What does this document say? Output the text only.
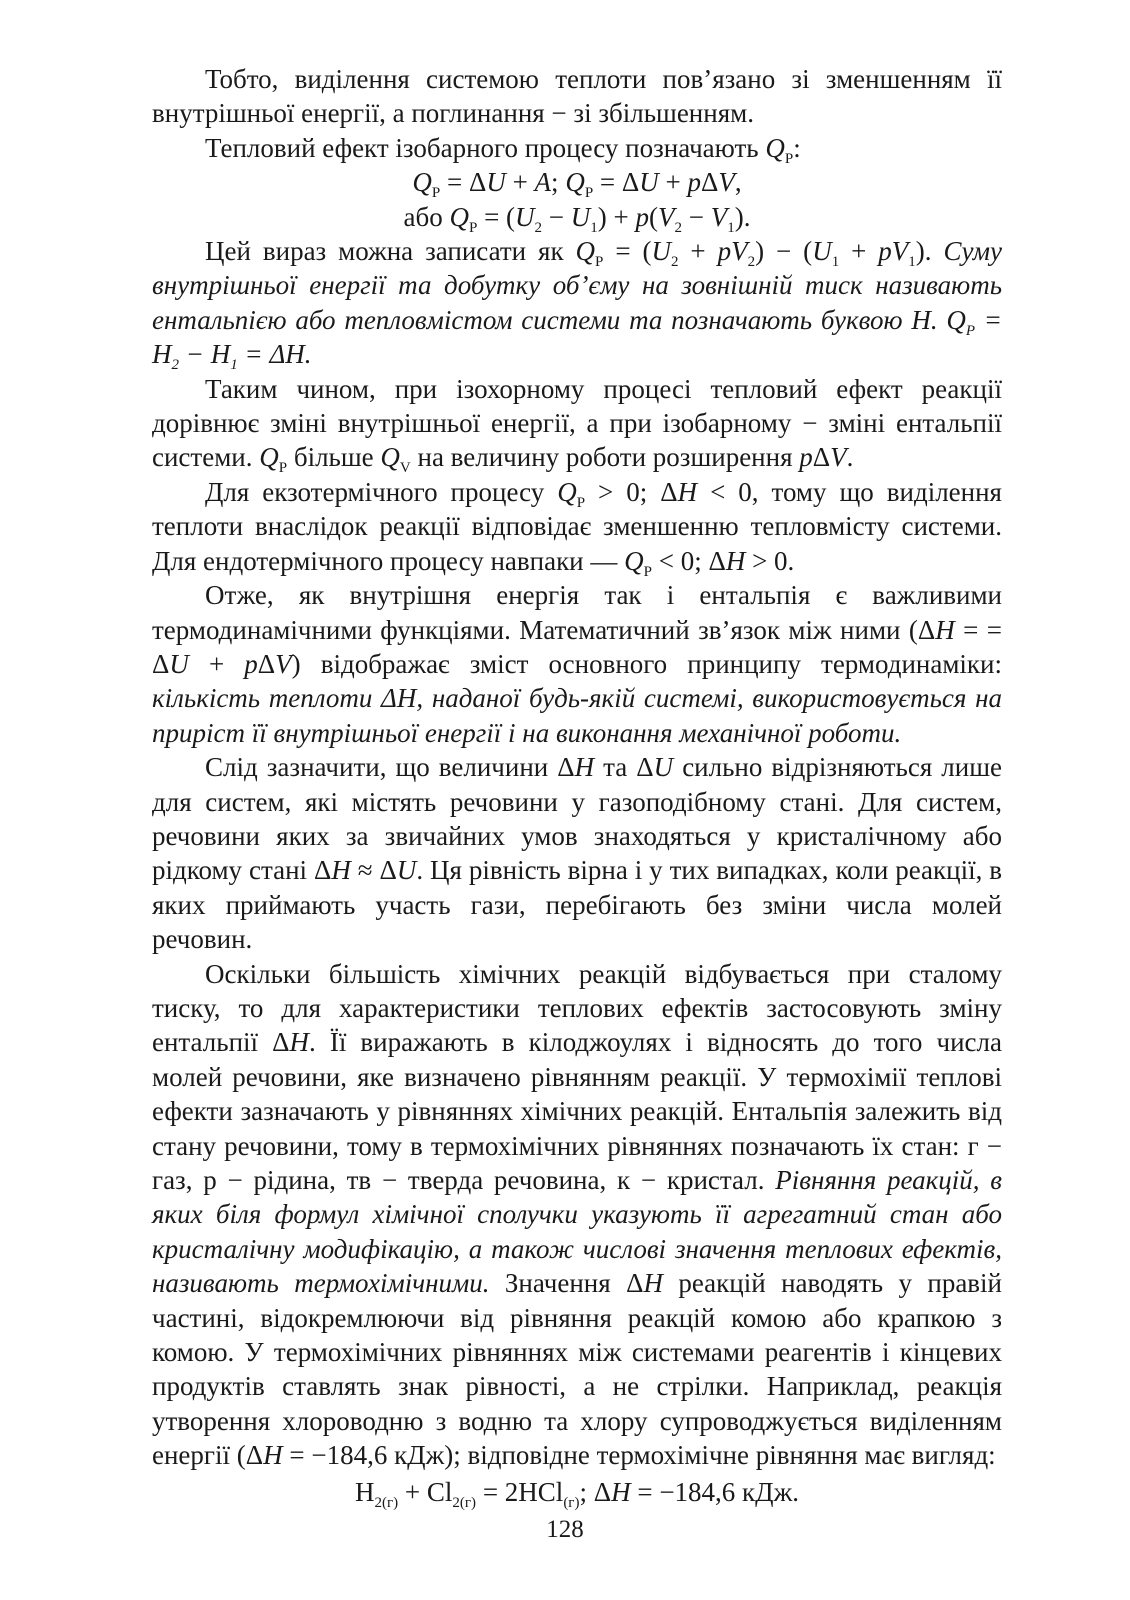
Тобто, виділення системою теплоти пов’язано зі зменшенням її внутрішньої енергії, а поглинання − зі збільшенням.

Тепловий ефект ізобарного процесу позначають $Q_P$:

$Q_P = \Delta U + A$; $Q_P = \Delta U + p\Delta V$,
або $Q_P = (U_2 - U_1) + p(V_2 - V_1)$.

Цей вираз можна записати як $Q_P = (U_2 + pV_2) - (U_1 + pV_1)$. Суму внутрішньої енергії та добутку об’єму на зовнішній тиск називають ентальпією або тепловмістом системи та позначають буквою H. $Q_P = H_2 - H_1 = \Delta H$.

Таким чином, при ізохорному процесі тепловий ефект реакції дорівнює зміні внутрішньої енергії, а при ізобарному − зміні ентальпії системи. $Q_P$ більше $Q_V$ на величину роботи розширення pΔV.

Для екзотермічного процесу $Q_P > 0$; ΔH < 0, тому що виділення теплоти внаслідок реакції відповідає зменшенню тепловмісту системи. Для ендотермічного процесу навпаки — $Q_P < 0$; ΔH > 0.

Отже, як внутрішня енергія так і ентальпія є важливими термодинамічними функціями. Математичний зв’язок між ними (ΔH = = ΔU + pΔV) відображає зміст основного принципу термодинаміки: кількість теплоти ΔH, наданої будь-якій системі, використовується на приріст її внутрішньої енергії і на виконання механічної роботи.

Слід зазначити, що величини ΔH та ΔU сильно відрізняються лише для систем, які містять речовини у газоподібному стані. Для систем, речовини яких за звичайних умов знаходяться у кристалічному або рідкому стані ΔH ≈ ΔU. Ця рівність вірна і у тих випадках, коли реакції, в яких приймають участь гази, перебігають без зміни числа молей речовин.

Оскільки більшість хімічних реакцій відбувається при сталому тиску, то для характеристики теплових ефектів застосовують зміну ентальпії ΔH. Її виражають в кілоджоулях і відносять до того числа молей речовини, яке визначено рівнянням реакції. У термохімії теплові ефекти зазначають у рівняннях хімічних реакцій. Ентальпія залежить від стану речовини, тому в термохімічних рівняннях позначають їх стан: г − газ, р − рідина, тв − тверда речовина, к − кристал. Рівняння реакцій, в яких біля формул хімічної сполучки указують її агрегатний стан або кристалічну модифікацію, а також числові значення теплових ефектів, називають термохімічними. Значення ΔH реакцій наводять у правій частині, відокремлюючи від рівняння реакцій комою або крапкою з комою. У термохімічних рівняннях між системами реагентів і кінцевих продуктів ставлять знак рівності, а не стрілки. Наприклад, реакція утворення хлороводню з водню та хлору супроводжується виділенням енергії (ΔH = −184,6 кДж); відповідне термохімічне рівняння має вигляд:

$H_{2(г)} + Cl_{2(г)} = 2HCl_{(г)}$; ΔH = −184,6 кДж.
128
